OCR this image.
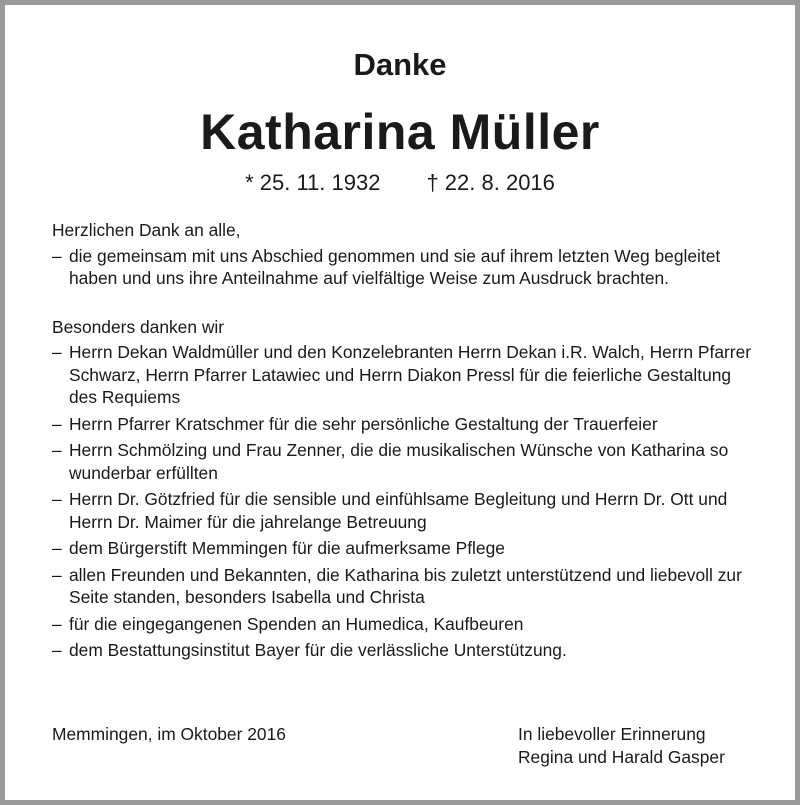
Danke
Katharina Müller
* 25. 11. 1932 † 22. 8. 2016
Herzlichen Dank an alle,
– die gemeinsam mit uns Abschied genommen und sie auf ihrem letzten Weg begleitet haben und uns ihre Anteilnahme auf vielfältige Weise zum Ausdruck brachten.
Besonders danken wir
– Herrn Dekan Waldmüller und den Konzelebranten Herrn Dekan i.R. Walch, Herrn Pfarrer Schwarz, Herrn Pfarrer Latawiec und Herrn Diakon Pressl für die feierliche Gestaltung des Requiems
– Herrn Pfarrer Kratschmer für die sehr persönliche Gestaltung der Trauerfeier
– Herrn Schmölzing und Frau Zenner, die die musikalischen Wünsche von Katharina so wunderbar erfüllten
– Herrn Dr. Götzfried für die sensible und einfühlsame Begleitung und Herrn Dr. Ott und Herrn Dr. Maimer für die jahrelange Betreuung
– dem Bürgerstift Memmingen für die aufmerksame Pflege
– allen Freunden und Bekannten, die Katharina bis zuletzt unterstützend und liebevoll zur Seite standen, besonders Isabella und Christa
– für die eingegangenen Spenden an Humedica, Kaufbeuren
– dem Bestattungsinstitut Bayer für die verlässliche Unterstützung.
Memmingen, im Oktober 2016	In liebevoller Erinnerung
Regina und Harald Gasper
